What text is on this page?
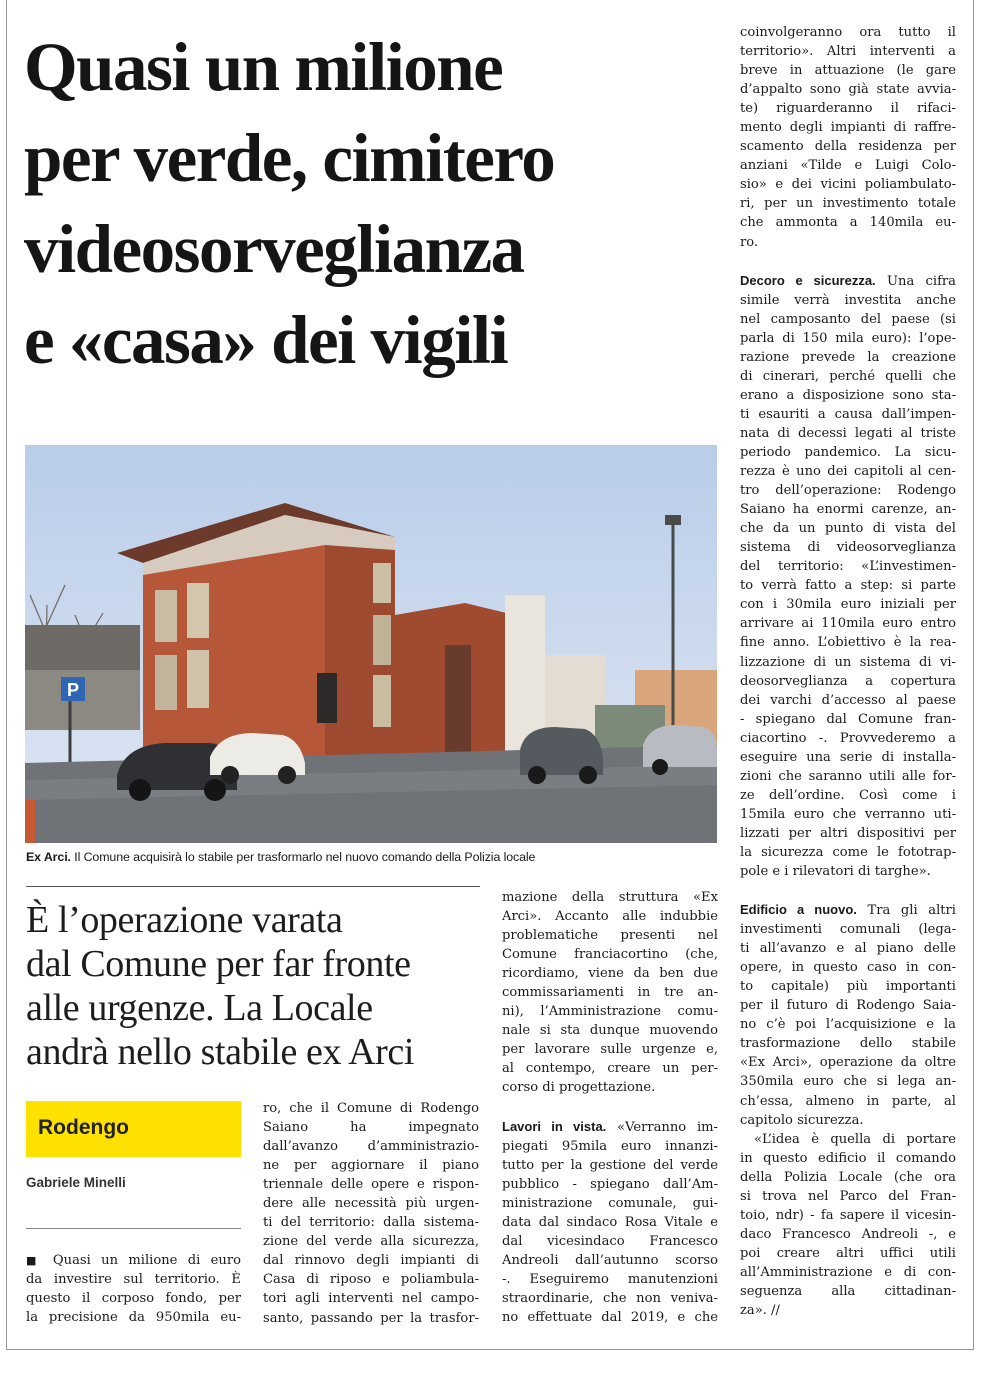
Quasi un milione
per verde, cimitero
videosorveglianza
e «casa» dei vigili
P
Ex Arci. Il Comune acquisirà lo stabile per trasformarlo nel nuovo comando della Polizia locale
È l’operazione varata
dal Comune per far fronte
alle urgenze. La Locale
andrà nello stabile ex Arci
Rodengo
Gabriele Minelli
■ Quasi un milione di euro
da investire sul territorio. È
questo il corposo fondo, per
la precisione da 950mila eu-
ro, che il Comune di Rodengo
Saiano ha impegnato
dall’avanzo d’amministrazio-
ne per aggiornare il piano
triennale delle opere e rispon-
dere alle necessità più urgen-
ti del territorio: dalla sistema-
zione del verde alla sicurezza,
dal rinnovo degli impianti di
Casa di riposo e poliambula-
tori agli interventi nel campo-
santo, passando per la trasfor-
mazione della struttura «Ex
Arci». Accanto alle indubbie
problematiche presenti nel
Comune franciacortino (che,
ricordiamo, viene da ben due
commissariamenti in tre an-
ni), l’Amministrazione comu-
nale si sta dunque muovendo
per lavorare sulle urgenze e,
al contempo, creare un per-
corso di progettazione.
Lavori in vista. «Verranno im-
piegati 95mila euro innanzi-
tutto per la gestione del verde
pubblico - spiegano dall’Am-
ministrazione comunale, gui-
data dal sindaco Rosa Vitale e
dal vicesindaco Francesco
Andreoli dall’autunno scorso
-. Eseguiremo manutenzioni
straordinarie, che non veniva-
no effettuate dal 2019, e che
coinvolgeranno ora tutto il
territorio». Altri interventi a
breve in attuazione (le gare
d’appalto sono già state avvia-
te) riguarderanno il rifaci-
mento degli impianti di raffre-
scamento della residenza per
anziani «Tilde e Luigi Colo-
sio» e dei vicini poliambulato-
ri, per un investimento totale
che ammonta a 140mila eu-
ro.
Decoro e sicurezza. Una cifra
simile verrà investita anche
nel camposanto del paese (si
parla di 150 mila euro): l’ope-
razione prevede la creazione
di cinerari, perché quelli che
erano a disposizione sono sta-
ti esauriti a causa dall’impen-
nata di decessi legati al triste
periodo pandemico. La sicu-
rezza è uno dei capitoli al cen-
tro dell’operazione: Rodengo
Saiano ha enormi carenze, an-
che da un punto di vista del
sistema di videosorveglianza
del territorio: «L’investimen-
to verrà fatto a step: si parte
con i 30mila euro iniziali per
arrivare ai 110mila euro entro
fine anno. L’obiettivo è la rea-
lizzazione di un sistema di vi-
deosorveglianza a copertura
dei varchi d’accesso al paese
- spiegano dal Comune fran-
ciacortino -. Provvederemo a
eseguire una serie di installa-
zioni che saranno utili alle for-
ze dell’ordine. Così come i
15mila euro che verranno uti-
lizzati per altri dispositivi per
la sicurezza come le fototrap-
pole e i rilevatori di targhe».
Edificio a nuovo. Tra gli altri
investimenti comunali (lega-
ti all’avanzo e al piano delle
opere, in questo caso in con-
to capitale) più importanti
per il futuro di Rodengo Saia-
no c’è poi l’acquisizione e la
trasformazione dello stabile
«Ex Arci», operazione da oltre
350mila euro che si lega an-
ch’essa, almeno in parte, al
capitolo sicurezza.
«L’idea è quella di portare
in questo edificio il comando
della Polizia Locale (che ora
si trova nel Parco del Fran-
toio, ndr) - fa sapere il vicesin-
daco Francesco Andreoli -, e
poi creare altri uffici utili
all’Amministrazione e di con-
seguenza alla cittadinan-
za». //
